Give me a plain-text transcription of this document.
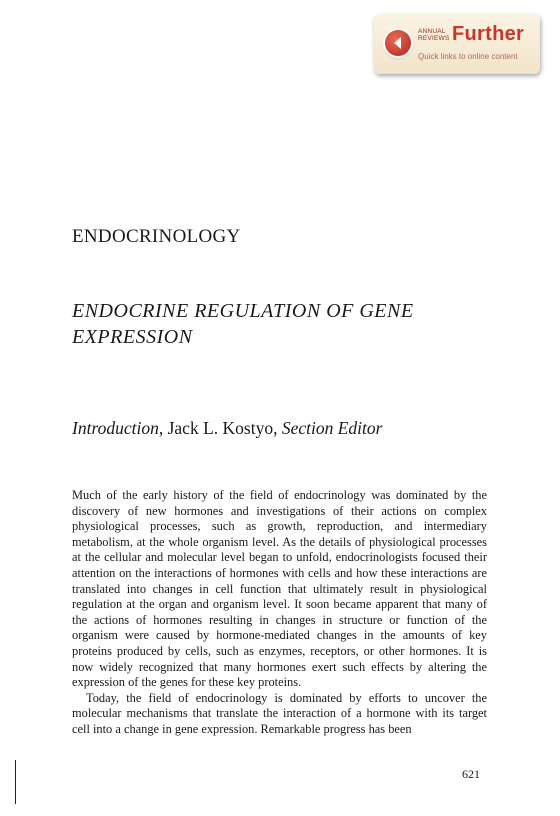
ANNUAL REVIEWS Further
Quick links to online content
ENDOCRINOLOGY
ENDOCRINE REGULATION OF GENE EXPRESSION
Introduction, Jack L. Kostyo, Section Editor

Much of the early history of the field of endocrinology was dominated by the discovery of new hormones and investigations of their actions on complex physiological processes, such as growth, reproduction, and intermediary metabolism, at the whole organism level. As the details of physiological processes at the cellular and molecular level began to unfold, endocrinologists focused their attention on the interactions of hormones with cells and how these interactions are translated into changes in cell function that ultimately result in physiological regulation at the organ and organism level. It soon became apparent that many of the actions of hormones resulting in changes in structure or function of the organism were caused by hormone-mediated changes in the amounts of key proteins produced by cells, such as enzymes, receptors, or other hormones. It is now widely recognized that many hormones exert such effects by altering the expression of the genes for these key proteins.

Today, the field of endocrinology is dominated by efforts to uncover the molecular mechanisms that translate the interaction of a hormone with its target cell into a change in gene expression. Remarkable progress has been

621
